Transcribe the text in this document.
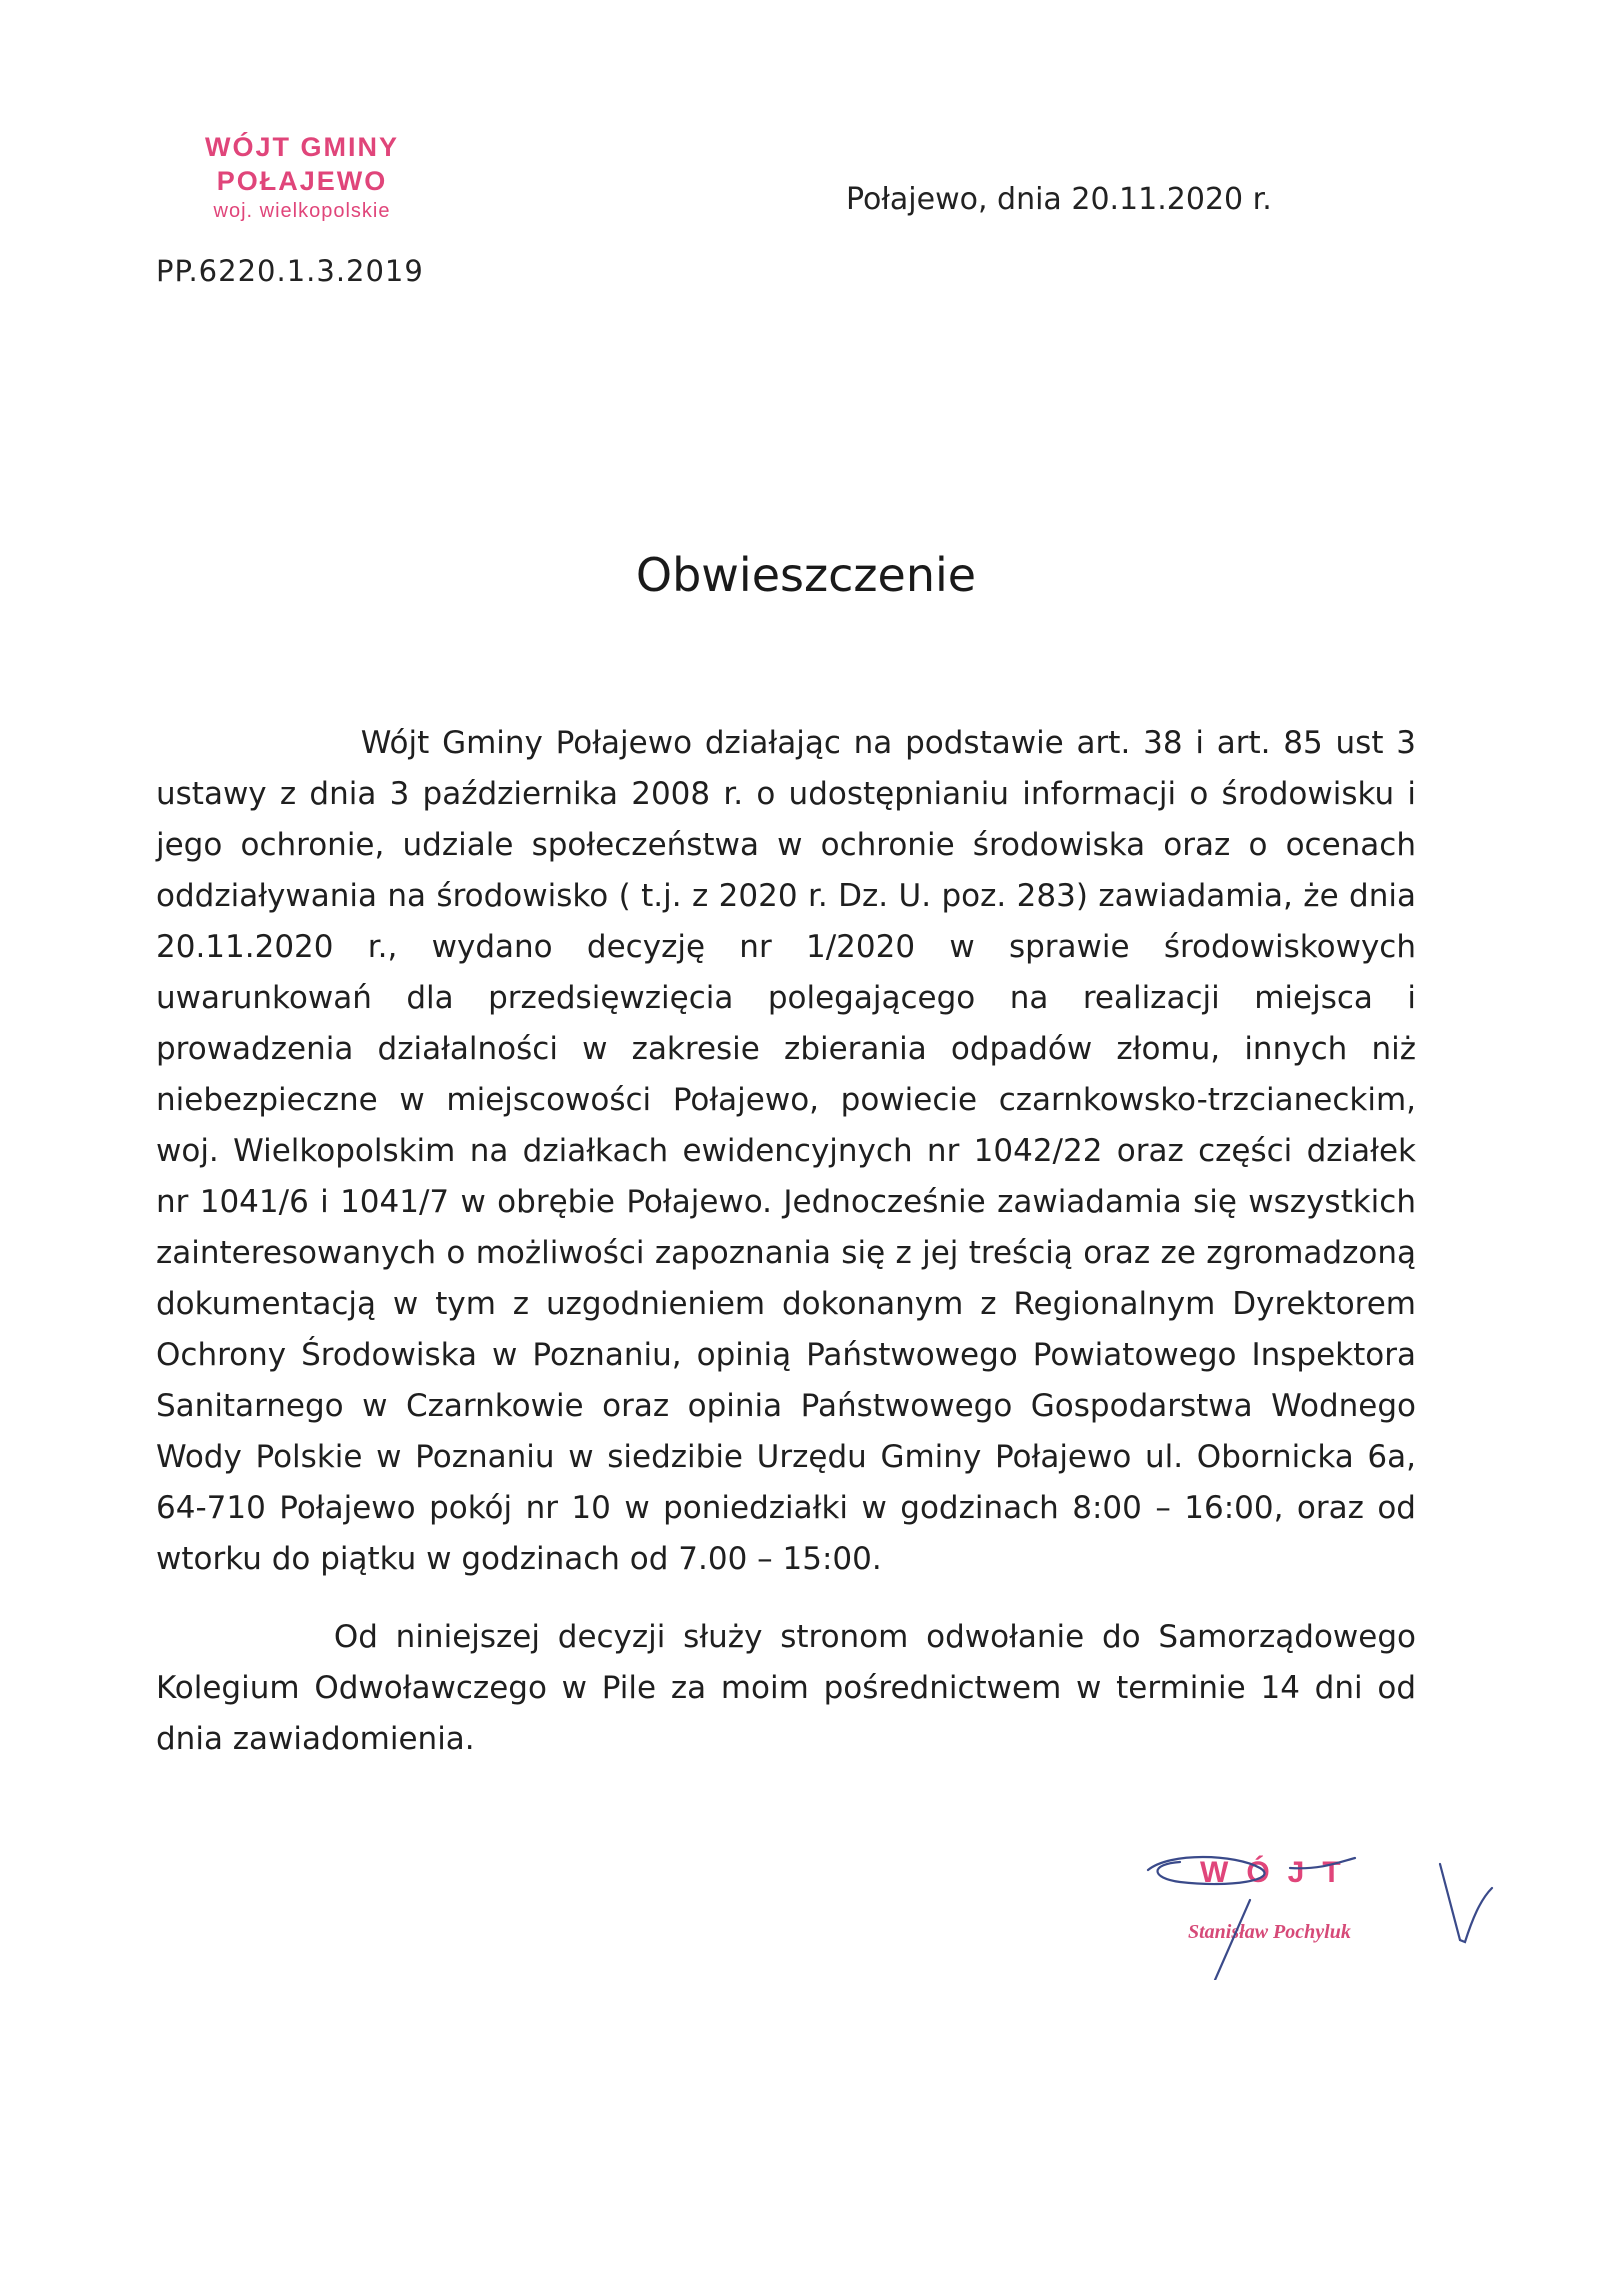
WÓJT GMINY
POŁAJEWO
woj. wielkopolskie
PP.6220.1.3.2019
Połajewo, dnia 20.11.2020 r.
Obwieszczenie
Wójt Gminy Połajewo działając na podstawie art. 38 i art. 85 ust 3
ustawy z dnia 3 października 2008 r. o udostępnianiu informacji o środowisku i
jego ochronie, udziale społeczeństwa w ochronie środowiska oraz o ocenach
oddziaływania na środowisko ( t.j. z 2020 r. Dz. U. poz. 283) zawiadamia, że dnia
20.11.2020 r., wydano decyzję nr 1/2020 w sprawie środowiskowych
uwarunkowań dla przedsięwzięcia polegającego na realizacji miejsca i
prowadzenia działalności w zakresie zbierania odpadów złomu, innych niż
niebezpieczne w miejscowości Połajewo, powiecie czarnkowsko-trzcianeckim,
woj. Wielkopolskim na działkach ewidencyjnych nr 1042/22 oraz części działek
nr 1041/6 i 1041/7 w obrębie Połajewo. Jednocześnie zawiadamia się wszystkich
zainteresowanych o możliwości zapoznania się z jej treścią oraz ze zgromadzoną
dokumentacją w tym z uzgodnieniem dokonanym z Regionalnym Dyrektorem
Ochrony Środowiska w Poznaniu, opinią Państwowego Powiatowego Inspektora
Sanitarnego w Czarnkowie oraz opinia Państwowego Gospodarstwa Wodnego
Wody Polskie w Poznaniu w siedzibie Urzędu Gminy Połajewo ul. Obornicka 6a,
64-710 Połajewo pokój nr 10 w poniedziałki w godzinach 8:00 – 16:00, oraz od
wtorku do piątku w godzinach od 7.00 – 15:00.
Od niniejszej decyzji służy stronom odwołanie do Samorządowego
Kolegium Odwoławczego w Pile za moim pośrednictwem w terminie 14 dni od
dnia zawiadomienia.
WÓJT
Stanisław Pochyluk
